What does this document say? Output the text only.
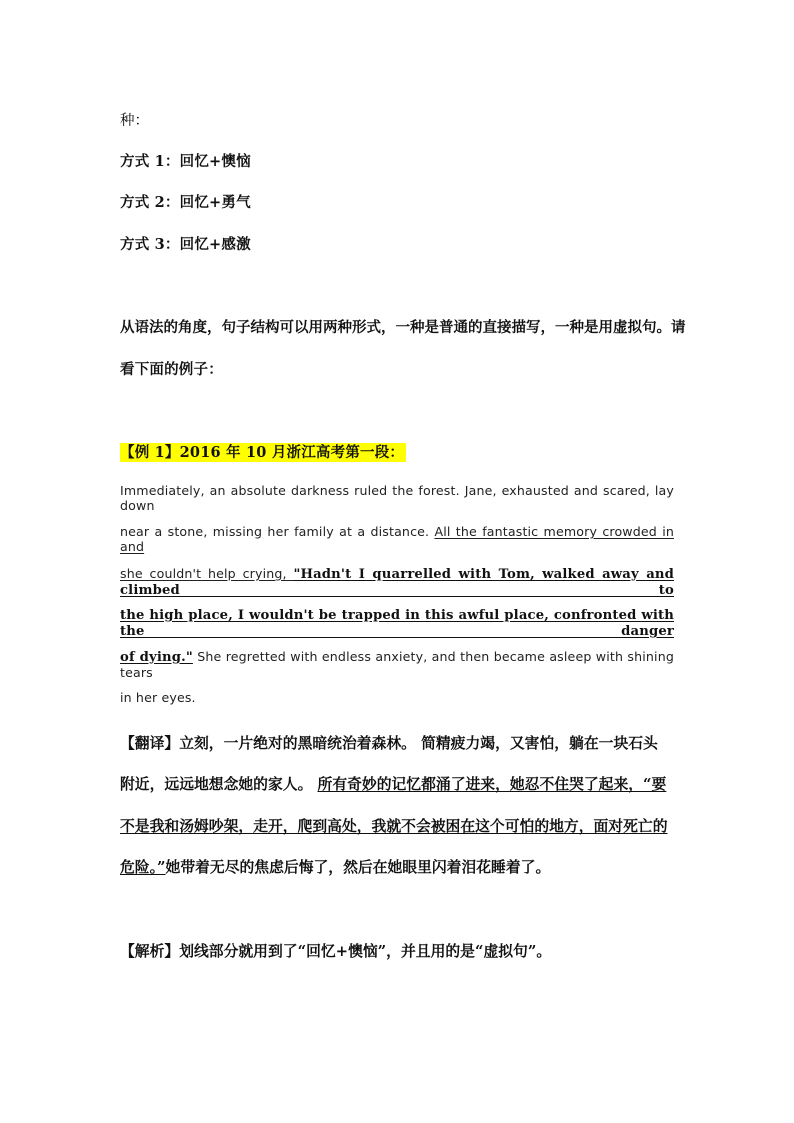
种：
方式 1：回忆+懊恼
方式 2：回忆+勇气
方式 3：回忆+感激
从语法的角度，句子结构可以用两种形式，一种是普通的直接描写，一种是用虚拟句。请
看下面的例子：
【例 1】2016 年 10 月浙江高考第一段：
Immediately, an absolute darkness ruled the forest. Jane, exhausted and scared, lay down
near a stone, missing her family at a distance. All the fantastic memory crowded in and
she couldn't help crying, "Hadn't I quarrelled with Tom, walked away and climbed to
the high place, I wouldn't be trapped in this awful place, confronted with the danger
of dying." She regretted with endless anxiety, and then became asleep with shining tears
in her eyes.
【翻译】立刻，一片绝对的黑暗统治着森林。 简精疲力竭，又害怕，躺在一块石头
附近，远远地想念她的家人。 所有奇妙的记忆都涌了进来，她忍不住哭了起来，“要
不是我和汤姆吵架，走开，爬到高处，我就不会被困在这个可怕的地方，面对死亡的
危险。”她带着无尽的焦虑后悔了，然后在她眼里闪着泪花睡着了。
【解析】划线部分就用到了“回忆+懊恼”，并且用的是“虚拟句”。
